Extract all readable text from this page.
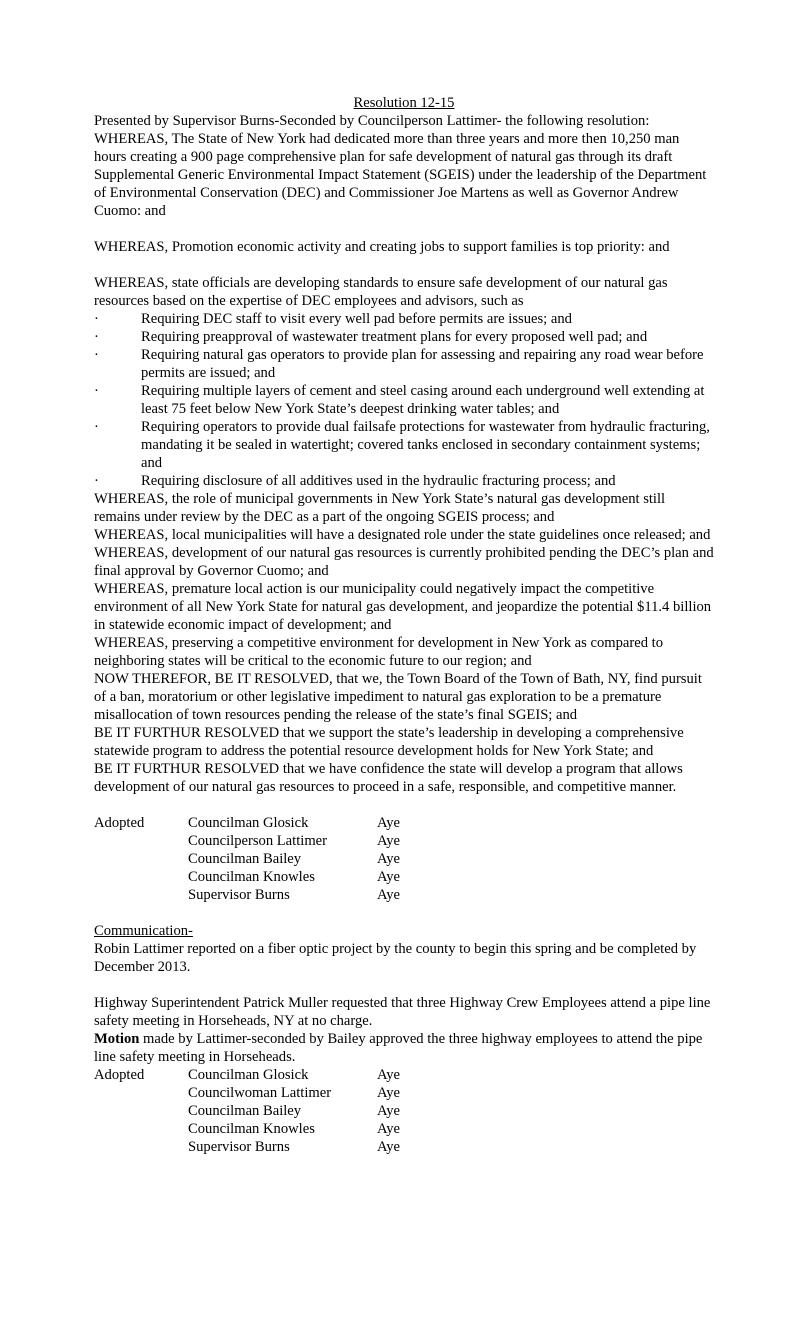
Resolution 12-15

Presented by Supervisor Burns-Seconded by Councilperson Lattimer- the following resolution:

WHEREAS, The State of New York had dedicated more than three years and more then 10,250 man hours creating a 900 page comprehensive plan for safe development of natural gas through its draft Supplemental Generic Environmental Impact Statement (SGEIS) under the leadership of the Department of Environmental Conservation (DEC) and Commissioner Joe Martens as well as Governor Andrew Cuomo: and

WHEREAS, Promotion economic activity and creating jobs to support families is top priority: and

WHEREAS, state officials are developing standards to ensure safe development of our natural gas resources based on the expertise of DEC employees and advisors, such as

·	Requiring DEC staff to visit every well pad before permits are issues; and
·	Requiring preapproval of wastewater treatment plans for every proposed well pad; and
·	Requiring natural gas operators to provide plan for assessing and repairing any road wear before permits are issued; and
·	Requiring multiple layers of cement and steel casing around each underground well extending at least 75 feet below New York State’s deepest drinking water tables; and
·	Requiring operators to provide dual failsafe protections for wastewater from hydraulic fracturing, mandating it be sealed in watertight; covered tanks enclosed in secondary containment systems; and
·	Requiring disclosure of all additives used in the hydraulic fracturing process; and

WHEREAS, the role of municipal governments in New York State’s natural gas development still remains under review by the DEC as a part of the ongoing SGEIS process; and

WHEREAS, local municipalities will have a designated role under the state guidelines once released; and

WHEREAS, development of our natural gas resources is currently prohibited pending the DEC’s plan and final approval by Governor Cuomo; and

WHEREAS, premature local action is our municipality could negatively impact the competitive environment of all New York State for natural gas development, and jeopardize the potential $11.4 billion in statewide economic impact of development; and

WHEREAS, preserving a competitive environment for development in New York as compared to neighboring states will be critical to the economic future to our region; and

NOW THEREFOR, BE IT RESOLVED, that we, the Town Board of the Town of Bath, NY, find pursuit of a ban, moratorium or other legislative impediment to natural gas exploration to be a premature misallocation of town resources pending the release of the state’s final SGEIS; and

BE IT FURTHUR RESOLVED that we support the state’s leadership in developing a comprehensive statewide program to address the potential resource development holds for New York State; and

BE IT FURTHUR RESOLVED that we have confidence the state will develop a program that allows development of our natural gas resources to proceed in a safe, responsible, and competitive manner.

Adopted	Councilman Glosick	Aye
Councilperson Lattimer	Aye
Councilman Bailey	Aye
Councilman Knowles	Aye
Supervisor Burns	Aye

Communication-

Robin Lattimer reported on a fiber optic project by the county to begin this spring and be completed by December 2013.

Highway Superintendent Patrick Muller requested that three Highway Crew Employees attend a pipe line safety meeting in Horseheads, NY at no charge.

Motion made by Lattimer-seconded by Bailey approved the three highway employees to attend the pipe line safety meeting in Horseheads.

Adopted	Councilman Glosick	Aye
Councilwoman Lattimer	Aye
Councilman Bailey	Aye
Councilman Knowles	Aye
Supervisor Burns	Aye
